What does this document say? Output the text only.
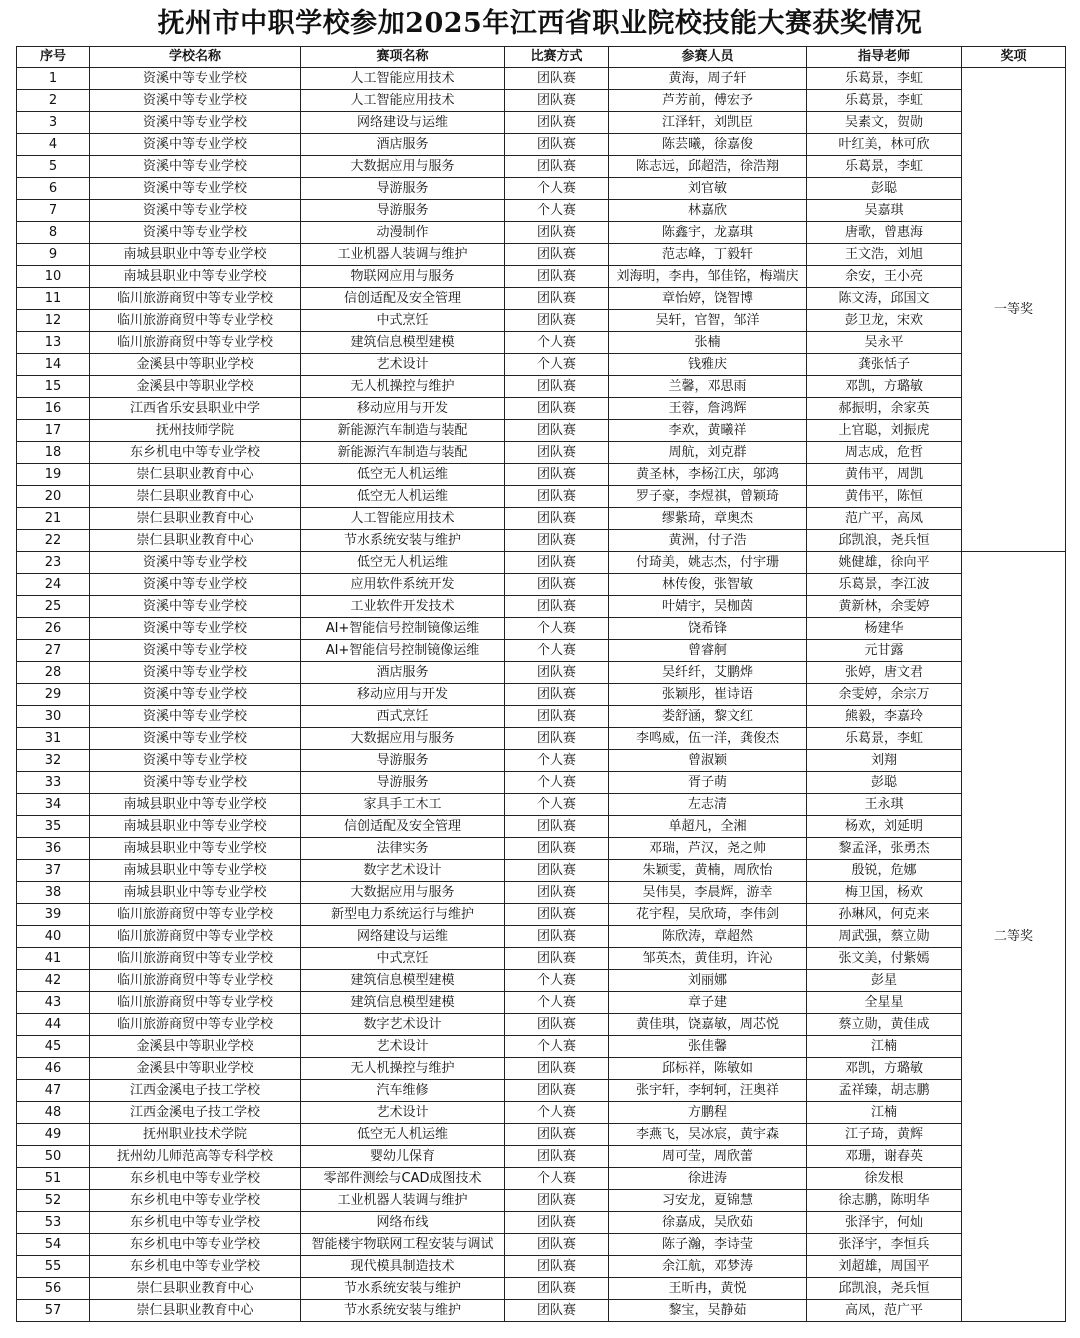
抚州市中职学校参加2025年江西省职业院校技能大赛获奖情况
序号	学校名称	赛项名称	比赛方式	参赛人员	指导老师	奖项
1	资溪中等专业学校	人工智能应用技术	团队赛	黄海，周子轩	乐葛景，李虹	一等奖
2	资溪中等专业学校	人工智能应用技术	团队赛	芦芳前，傅宏予	乐葛景，李虹	
3	资溪中等专业学校	网络建设与运维	团队赛	江泽轩，刘凯臣	吴素文，贺勋	
4	资溪中等专业学校	酒店服务	团队赛	陈芸曦，徐嘉俊	叶红美，林可欣	
5	资溪中等专业学校	大数据应用与服务	团队赛	陈志远，邱超浩，徐浩翔	乐葛景，李虹	
6	资溪中等专业学校	导游服务	个人赛	刘官敏	彭聪	
7	资溪中等专业学校	导游服务	个人赛	林嘉欣	吴嘉琪	
8	资溪中等专业学校	动漫制作	团队赛	陈鑫宇，龙嘉琪	唐歌，曾惠海	
9	南城县职业中等专业学校	工业机器人装调与维护	团队赛	范志峰，丁毅轩	王文浩，刘旭	
10	南城县职业中等专业学校	物联网应用与服务	团队赛	刘海明，李冉，邹佳铭，梅端庆	余安，王小亮	
11	临川旅游商贸中等专业学校	信创适配及安全管理	团队赛	章怡婷，饶智博	陈文涛，邱国文	
12	临川旅游商贸中等专业学校	中式烹饪	团队赛	吴轩，官智，邹洋	彭卫龙，宋欢	
13	临川旅游商贸中等专业学校	建筑信息模型建模	个人赛	张楠	吴永平	
14	金溪县中等职业学校	艺术设计	个人赛	钱雅庆	龚张恬子	
15	金溪县中等职业学校	无人机操控与维护	团队赛	兰馨，邓思雨	邓凯，方璐敏	
16	江西省乐安县职业中学	移动应用与开发	团队赛	王蓉，詹鸿辉	郝振明，余家英	
17	抚州技师学院	新能源汽车制造与装配	团队赛	李欢，黄曦祥	上官聪，刘振虎	
18	东乡机电中等专业学校	新能源汽车制造与装配	团队赛	周航，刘克群	周志成，危哲	
19	崇仁县职业教育中心	低空无人机运维	团队赛	黄圣林，李杨江庆，邬鸿	黄伟平，周凯	
20	崇仁县职业教育中心	低空无人机运维	团队赛	罗子豪，李煜祺，曾颖琦	黄伟平，陈恒	
21	崇仁县职业教育中心	人工智能应用技术	团队赛	缪紫琦，章奥杰	范广平，高凤	
22	崇仁县职业教育中心	节水系统安装与维护	团队赛	黄洲，付子浩	邱凯浪，尧兵恒	
23	资溪中等专业学校	低空无人机运维	团队赛	付琦美，姚志杰，付宇珊	姚健雄，徐向平	二等奖
24	资溪中等专业学校	应用软件系统开发	团队赛	林传俊，张智敏	乐葛景，李江波	
25	资溪中等专业学校	工业软件开发技术	团队赛	叶婧宇，吴枷茵	黄新林，余雯婷	
26	资溪中等专业学校	AI+智能信号控制镜像运维	个人赛	饶希锋	杨建华	
27	资溪中等专业学校	AI+智能信号控制镜像运维	个人赛	曾睿舸	元甘露	
28	资溪中等专业学校	酒店服务	团队赛	吴纤纤，艾鹏烨	张婷，唐文君	
29	资溪中等专业学校	移动应用与开发	团队赛	张颖彤，崔诗语	余雯婷，余宗万	
30	资溪中等专业学校	西式烹饪	团队赛	娄舒涵，黎文红	熊毅，李嘉玲	
31	资溪中等专业学校	大数据应用与服务	团队赛	李鸣威，伍一洋，龚俊杰	乐葛景，李虹	
32	资溪中等专业学校	导游服务	个人赛	曾淑颖	刘翔	
33	资溪中等专业学校	导游服务	个人赛	胥子萌	彭聪	
34	南城县职业中等专业学校	家具手工木工	个人赛	左志清	王永琪	
35	南城县职业中等专业学校	信创适配及安全管理	团队赛	单超凡，全湘	杨欢，刘延明	
36	南城县职业中等专业学校	法律实务	团队赛	邓瑞，芦汉，尧之帅	黎孟泽，张勇杰	
37	南城县职业中等专业学校	数字艺术设计	团队赛	朱颖雯，黄楠，周欣怡	殷锐，危娜	
38	南城县职业中等专业学校	大数据应用与服务	团队赛	吴伟昊，李晨辉，游幸	梅卫国，杨欢	
39	临川旅游商贸中等专业学校	新型电力系统运行与维护	团队赛	花宇程，吴欣琦，李伟剑	孙琳风，何克来	
40	临川旅游商贸中等专业学校	网络建设与运维	团队赛	陈欣涛，章超然	周武强，蔡立勋	
41	临川旅游商贸中等专业学校	中式烹饪	团队赛	邹英杰，黄佳玥，许沁	张文美，付紫嫣	
42	临川旅游商贸中等专业学校	建筑信息模型建模	个人赛	刘丽娜	彭星	
43	临川旅游商贸中等专业学校	建筑信息模型建模	个人赛	章子建	全星星	
44	临川旅游商贸中等专业学校	数字艺术设计	团队赛	黄佳琪，饶嘉敏，周芯悦	蔡立勋，黄佳成	
45	金溪县中等职业学校	艺术设计	个人赛	张佳馨	江楠	
46	金溪县中等职业学校	无人机操控与维护	团队赛	邱标祥，陈敏如	邓凯，方璐敏	
47	江西金溪电子技工学校	汽车维修	团队赛	张宇轩，李轲轲，汪奥祥	孟祥臻，胡志鹏	
48	江西金溪电子技工学校	艺术设计	个人赛	方鹏程	江楠	
49	抚州职业技术学院	低空无人机运维	团队赛	李燕飞，吴冰宸，黄宇森	江子琦，黄辉	
50	抚州幼儿师范高等专科学校	婴幼儿保育	团队赛	周可莹，周欣蕾	邓珊，谢春英	
51	东乡机电中等专业学校	零部件测绘与CAD成图技术	个人赛	徐进涛	徐发根	
52	东乡机电中等专业学校	工业机器人装调与维护	团队赛	习安龙，夏锦慧	徐志鹏，陈明华	
53	东乡机电中等专业学校	网络布线	团队赛	徐嘉成，吴欣茹	张泽宇，何灿	
54	东乡机电中等专业学校	智能楼宇物联网工程安装与调试	团队赛	陈子瀚，李诗莹	张泽宇，李恒兵	
55	东乡机电中等专业学校	现代模具制造技术	团队赛	余江航，邓梦涛	刘超雄，周国平	
56	崇仁县职业教育中心	节水系统安装与维护	团队赛	王昕冉，黄悦	邱凯浪，尧兵恒	
57	崇仁县职业教育中心	节水系统安装与维护	团队赛	黎宝，吴静茹	高凤，范广平	
